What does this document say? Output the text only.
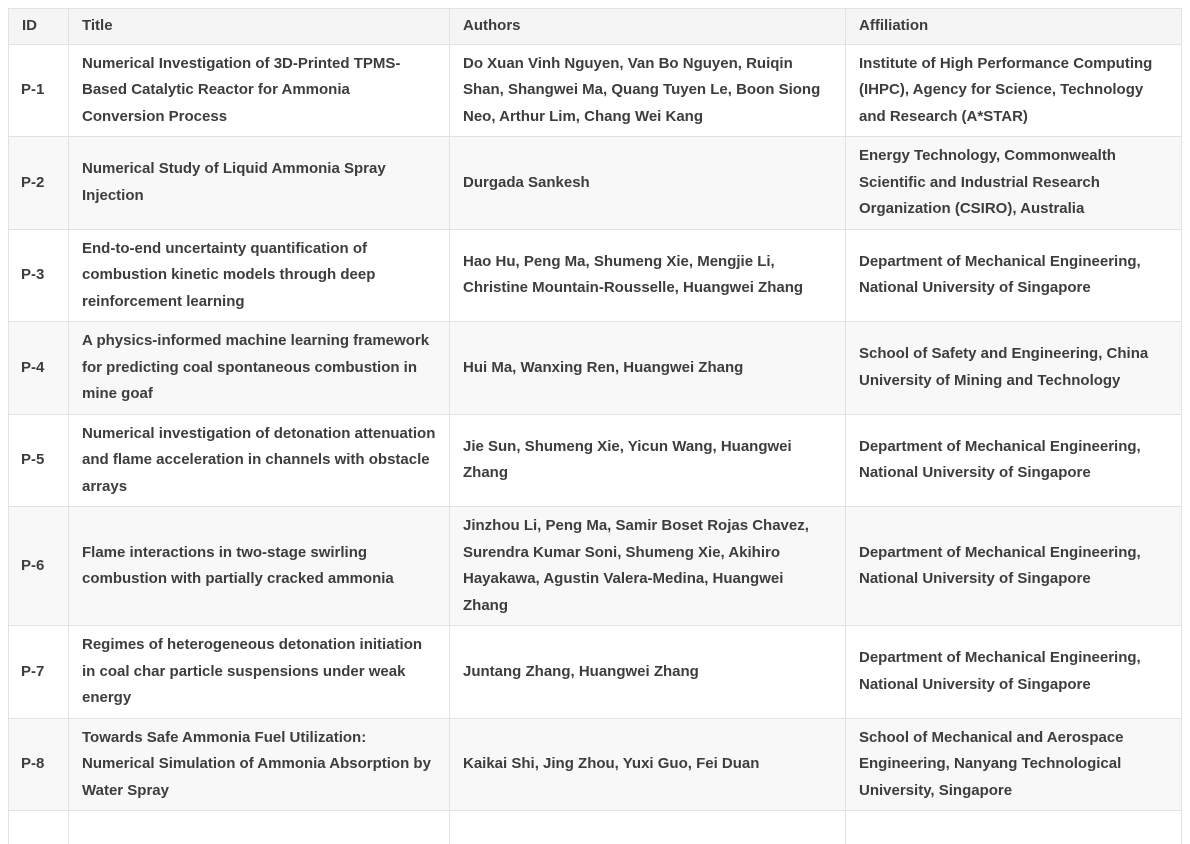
ID	Title	Authors	Affiliation
P-1	Numerical Investigation of 3D-Printed TPMS-Based Catalytic Reactor for Ammonia Conversion Process	Do Xuan Vinh Nguyen, Van Bo Nguyen, Ruiqin Shan, Shangwei Ma, Quang Tuyen Le, Boon Siong Neo, Arthur Lim, Chang Wei Kang	Institute of High Performance Computing (IHPC), Agency for Science, Technology and Research (A*STAR)
P-2	Numerical Study of Liquid Ammonia Spray Injection	Durgada Sankesh	Energy Technology, Commonwealth Scientific and Industrial Research Organization (CSIRO), Australia
P-3	End-to-end uncertainty quantification of combustion kinetic models through deep reinforcement learning	Hao Hu, Peng Ma, Shumeng Xie, Mengjie Li, Christine Mountain-Rousselle, Huangwei Zhang	Department of Mechanical Engineering, National University of Singapore
P-4	A physics-informed machine learning framework for predicting coal spontaneous combustion in mine goaf	Hui Ma, Wanxing Ren, Huangwei Zhang	School of Safety and Engineering, China University of Mining and Technology
P-5	Numerical investigation of detonation attenuation and flame acceleration in channels with obstacle arrays	Jie Sun, Shumeng Xie, Yicun Wang, Huangwei Zhang	Department of Mechanical Engineering, National University of Singapore
P-6	Flame interactions in two-stage swirling combustion with partially cracked ammonia	Jinzhou Li, Peng Ma, Samir Boset Rojas Chavez, Surendra Kumar Soni, Shumeng Xie, Akihiro Hayakawa, Agustin Valera-Medina, Huangwei Zhang	Department of Mechanical Engineering, National University of Singapore
P-7	Regimes of heterogeneous detonation initiation in coal char particle suspensions under weak energy	Juntang Zhang, Huangwei Zhang	Department of Mechanical Engineering, National University of Singapore
P-8	Towards Safe Ammonia Fuel Utilization: Numerical Simulation of Ammonia Absorption by Water Spray	Kaikai Shi, Jing Zhou, Yuxi Guo, Fei Duan	School of Mechanical and Aerospace Engineering, Nanyang Technological University, Singapore
